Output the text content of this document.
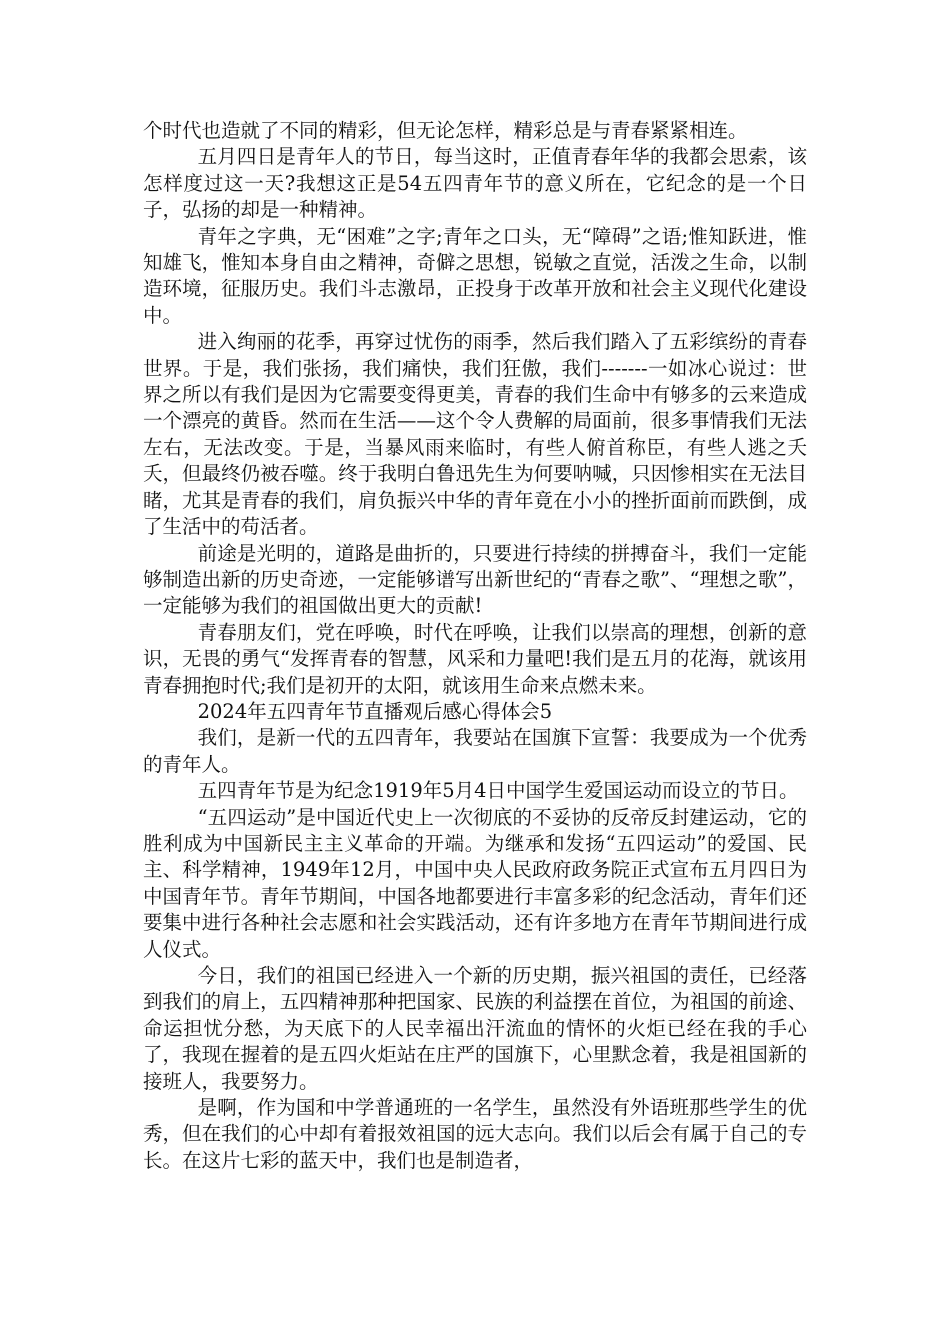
个时代也造就了不同的精彩，但无论怎样，精彩总是与青春紧紧相连。

五月四日是青年人的节日，每当这时，正值青春年华的我都会思索，该怎样度过这一天?我想这正是54五四青年节的意义所在，它纪念的是一个日子，弘扬的却是一种精神。

青年之字典，无“困难”之字;青年之口头，无“障碍”之语;惟知跃进，惟知雄飞，惟知本身自由之精神，奇僻之思想，锐敏之直觉，活泼之生命，以制造环境，征服历史。我们斗志激昂，正投身于改革开放和社会主义现代化建设中。

进入绚丽的花季，再穿过忧伤的雨季，然后我们踏入了五彩缤纷的青春世界。于是，我们张扬，我们痛快，我们狂傲，我们-------一如冰心说过：世界之所以有我们是因为它需要变得更美，青春的我们生命中有够多的云来造成一个漂亮的黄昏。然而在生活——这个令人费解的局面前，很多事情我们无法左右，无法改变。于是，当暴风雨来临时，有些人俯首称臣，有些人逃之夭夭，但最终仍被吞噬。终于我明白鲁迅先生为何要呐喊，只因惨相实在无法目睹，尤其是青春的我们，肩负振兴中华的青年竟在小小的挫折面前而跌倒，成了生活中的苟活者。

前途是光明的，道路是曲折的，只要进行持续的拼搏奋斗，我们一定能够制造出新的历史奇迹，一定能够谱写出新世纪的“青春之歌”、“理想之歌”，一定能够为我们的祖国做出更大的贡献!

青春朋友们，党在呼唤，时代在呼唤，让我们以崇高的理想，创新的意识，无畏的勇气“发挥青春的智慧，风采和力量吧!我们是五月的花海，就该用青春拥抱时代;我们是初开的太阳，就该用生命来点燃未来。

2024年五四青年节直播观后感心得体会5

我们，是新一代的五四青年，我要站在国旗下宣誓：我要成为一个优秀的青年人。

五四青年节是为纪念1919年5月4日中国学生爱国运动而设立的节日。

“五四运动”是中国近代史上一次彻底的不妥协的反帝反封建运动，它的胜利成为中国新民主主义革命的开端。为继承和发扬“五四运动”的爱国、民主、科学精神，1949年12月，中国中央人民政府政务院正式宣布五月四日为中国青年节。青年节期间，中国各地都要进行丰富多彩的纪念活动，青年们还要集中进行各种社会志愿和社会实践活动，还有许多地方在青年节期间进行成人仪式。

今日，我们的祖国已经进入一个新的历史期，振兴祖国的责任，已经落到我们的肩上，五四精神那种把国家、民族的利益摆在首位，为祖国的前途、命运担忧分愁，为天底下的人民幸福出汗流血的情怀的火炬已经在我的手心了，我现在握着的是五四火炬站在庄严的国旗下，心里默念着，我是祖国新的接班人，我要努力。

是啊，作为国和中学普通班的一名学生，虽然没有外语班那些学生的优秀，但在我们的心中却有着报效祖国的远大志向。我们以后会有属于自己的专长。在这片七彩的蓝天中，我们也是制造者，
